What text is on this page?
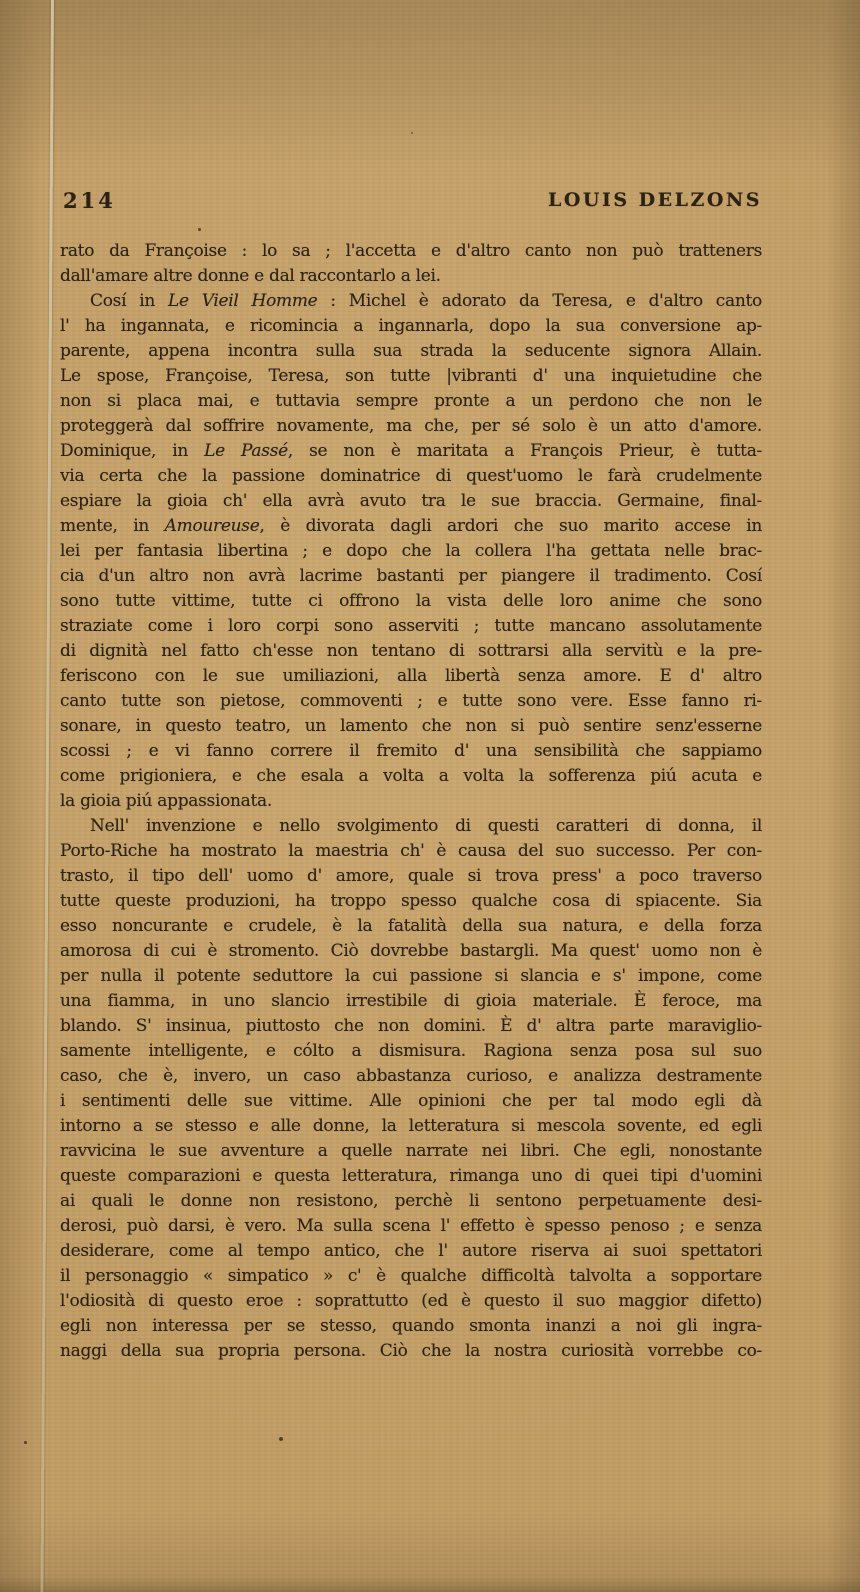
214	LOUIS DELZONS
rato da Françoise : lo sa ; l'accetta e d'altro canto non può tratteners
dall'amare altre donne e dal raccontarlo a lei.
Cosí in Le Vieil Homme : Michel è adorato da Teresa, e d'altro canto
l' ha ingannata, e ricomincia a ingannarla, dopo la sua conversione ap-
parente, appena incontra sulla sua strada la seducente signora Allain.
Le spose, Françoise, Teresa, son tutte |vibranti d' una inquietudine che
non si placa mai, e tuttavia sempre pronte a un perdono che non le
proteggerà dal soffrire novamente, ma che, per sé solo è un atto d'amore.
Dominique, in Le Passé, se non è maritata a François Prieur, è tutta-
via certa che la passione dominatrice di quest'uomo le farà crudelmente
espiare la gioia ch' ella avrà avuto tra le sue braccia. Germaine, final-
mente, in Amoureuse, è divorata dagli ardori che suo marito accese in
lei per fantasia libertina ; e dopo che la collera l'ha gettata nelle brac-
cia d'un altro non avrà lacrime bastanti per piangere il tradimento. Cosí
sono tutte vittime, tutte ci offrono la vista delle loro anime che sono
straziate come i loro corpi sono asserviti ; tutte mancano assolutamente
di dignità nel fatto ch'esse non tentano di sottrarsi alla servitù e la pre-
feriscono con le sue umiliazioni, alla libertà senza amore. E d' altro
canto tutte son pietose, commoventi ; e tutte sono vere. Esse fanno ri-
sonare, in questo teatro, un lamento che non si può sentire senz'esserne
scossi ; e vi fanno correre il fremito d' una sensibilità che sappiamo
come prigioniera, e che esala a volta a volta la sofferenza piú acuta e
la gioia piú appassionata.
Nell' invenzione e nello svolgimento di questi caratteri di donna, il
Porto-Riche ha mostrato la maestria ch' è causa del suo successo. Per con-
trasto, il tipo dell' uomo d' amore, quale si trova press' a poco traverso
tutte queste produzioni, ha troppo spesso qualche cosa di spiacente. Sia
esso noncurante e crudele, è la fatalità della sua natura, e della forza
amorosa di cui è stromento. Ciò dovrebbe bastargli. Ma quest' uomo non è
per nulla il potente seduttore la cui passione si slancia e s' impone, come
una fiamma, in uno slancio irrestibile di gioia materiale. È feroce, ma
blando. S' insinua, piuttosto che non domini. È d' altra parte maraviglio-
samente intelligente, e cólto a dismisura. Ragiona senza posa sul suo
caso, che è, invero, un caso abbastanza curioso, e analizza destramente
i sentimenti delle sue vittime. Alle opinioni che per tal modo egli dà
intorno a se stesso e alle donne, la letteratura si mescola sovente, ed egli
ravvicina le sue avventure a quelle narrate nei libri. Che egli, nonostante
queste comparazioni e questa letteratura, rimanga uno di quei tipi d'uomini
ai quali le donne non resistono, perchè li sentono perpetuamente desi-
derosi, può darsi, è vero. Ma sulla scena l' effetto è spesso penoso ; e senza
desiderare, come al tempo antico, che l' autore riserva ai suoi spettatori
il personaggio « simpatico » c' è qualche difficoltà talvolta a sopportare
l'odiosità di questo eroe : soprattutto (ed è questo il suo maggior difetto)
egli non interessa per se stesso, quando smonta inanzi a noi gli ingra-
naggi della sua propria persona. Ciò che la nostra curiosità vorrebbe co-
